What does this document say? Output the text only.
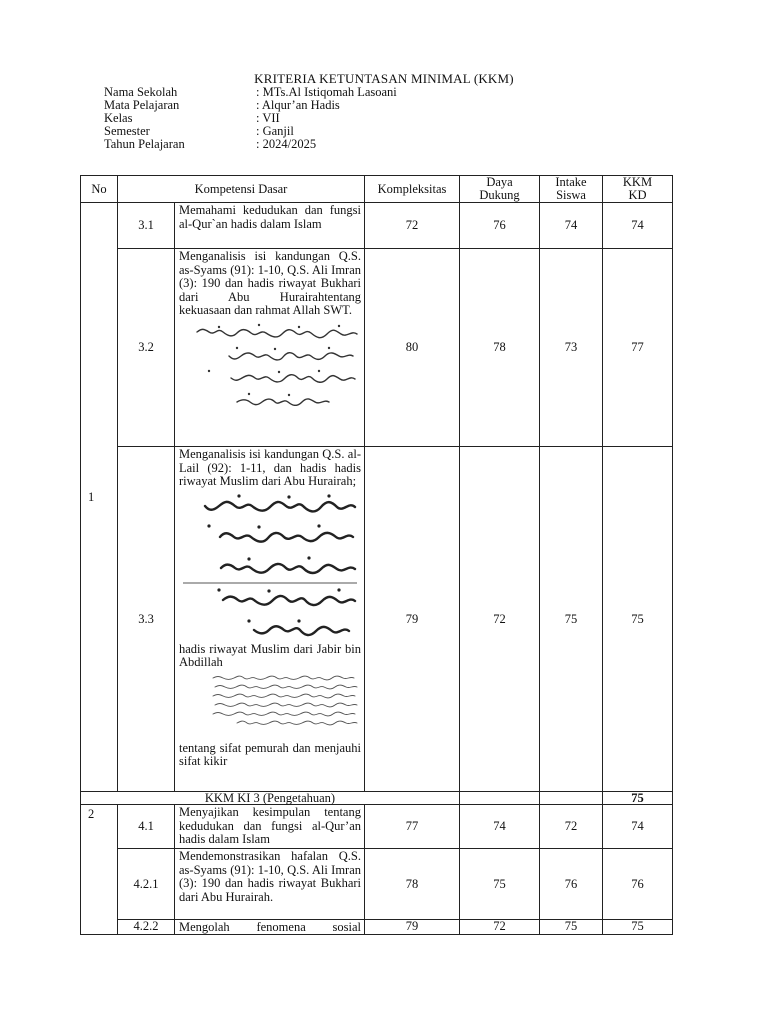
KRITERIA KETUNTASAN MINIMAL (KKM)
Nama Sekolah	: MTs.Al Istiqomah Lasoani
Mata Pelajaran	: Alqur’an Hadis
Kelas	: VII
Semester	: Ganjil
Tahun Pelajaran	: 2024/2025
No	Kompetensi Dasar		Kompleksitas	Daya Dukung	Intake Siswa	KKM KD
1	3.1	Memahami kedudukan dan fungsi al-Qur`an hadis dalam Islam	72	76	74	74
	3.2	Menganalisis isi kandungan Q.S. as-Syams (91): 1-10, Q.S. Ali Imran (3): 190 dan hadis riwayat Bukhari dari Abu Hurairahtentang kekuasaan dan rahmat Allah SWT.	80	78	73	77
	3.3	Menganalisis isi kandungan Q.S. al-Lail (92): 1-11, dan hadis hadis riwayat Muslim dari Abu Hurairah;
hadis riwayat Muslim dari Jabir bin Abdillah
tentang sifat pemurah dan menjauhi sifat kikir	79	72	75	75
KKM KI 3 (Pengetahuan)						75
2	4.1	Menyajikan kesimpulan tentang kedudukan dan fungsi al-Qur’an hadis dalam Islam	77	74	72	74
	4.2.1	Mendemonstrasikan hafalan Q.S. as-Syams (91): 1-10, Q.S. Ali Imran (3): 190 dan hadis riwayat Bukhari dari Abu Hurairah.	78	75	76	76
	4.2.2	Mengolah fenomena sosial	79	72	75	75
